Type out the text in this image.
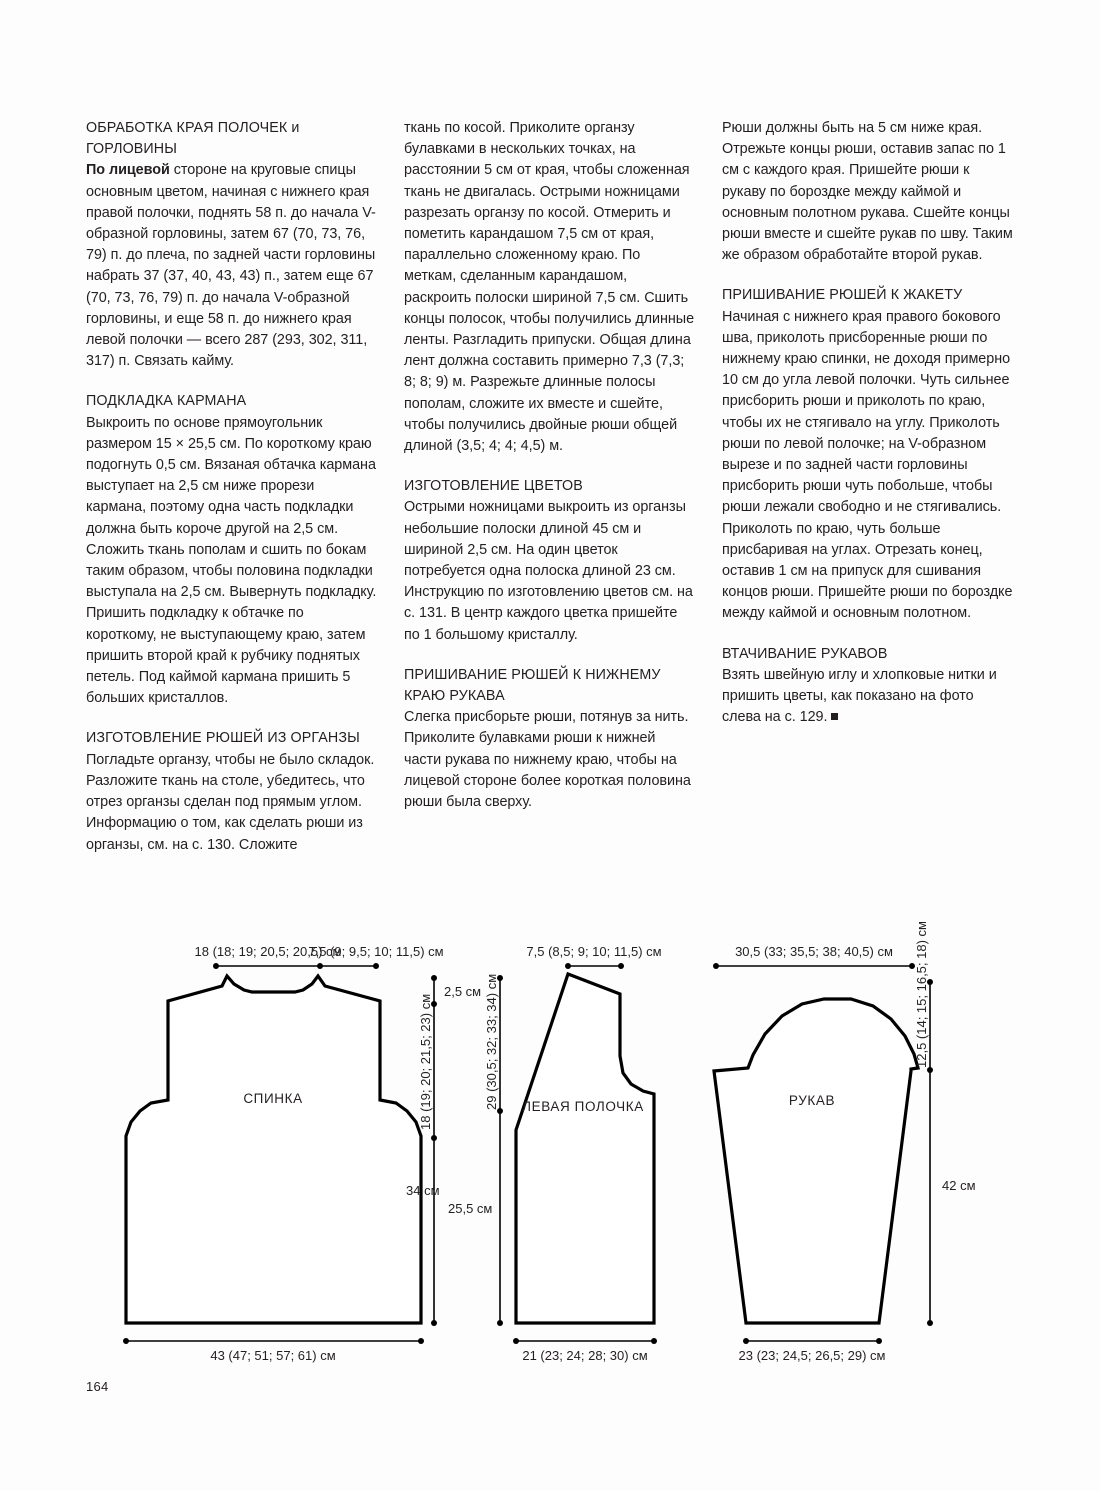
ОБРАБОТКА КРАЯ ПОЛОЧЕК и ГОРЛОВИНЫ

По лицевой стороне на круговые спицы основным цветом, начиная с нижнего края правой полочки, поднять 58 п. до начала V-образной горловины, затем 67 (70, 73, 76, 79) п. до плеча, по задней части горловины набрать 37 (37, 40, 43, 43) п., затем еще 67 (70, 73, 76, 79) п. до начала V-образной горловины, и еще 58 п. до нижнего края левой полочки — всего 287 (293, 302, 311, 317) п. Связать кайму.

ПОДКЛАДКА КАРМАНА

Выкроить по основе прямоугольник размером 15 × 25,5 см. По короткому краю подогнуть 0,5 см. Вязаная обтачка кармана выступает на 2,5 см ниже прорези кармана, поэтому одна часть подкладки должна быть короче другой на 2,5 см. Сложить ткань пополам и сшить по бокам таким образом, чтобы половина подкладки выступала на 2,5 см. Вывернуть подкладку. Пришить подкладку к обтачке по короткому, не выступающему краю, затем пришить второй край к рубчику поднятых петель. Под каймой кармана пришить 5 больших кристаллов.

ИЗГОТОВЛЕНИЕ РЮШЕЙ ИЗ ОРГАНЗЫ

Погладьте органзу, чтобы не было складок. Разложите ткань на столе, убедитесь, что отрез органзы сделан под прямым углом. Информацию о том, как сделать рюши из органзы, см. на с. 130. Сложите

ткань по косой. Приколите органзу булавками в нескольких точках, на расстоянии 5 см от края, чтобы сложенная ткань не двигалась. Острыми ножницами разрезать органзу по косой. Отмерить и пометить карандашом 7,5 см от края, параллельно сложенному краю. По меткам, сделанным карандашом, раскроить полоски шириной 7,5 см. Сшить концы полосок, чтобы получились длинные ленты. Разгладить припуски. Общая длина лент должна составить примерно 7,3 (7,3; 8; 8; 9) м. Разрежьте длинные полосы пополам, сложите их вместе и сшейте, чтобы получились двойные рюши общей длиной (3,5; 4; 4; 4,5) м.

ИЗГОТОВЛЕНИЕ ЦВЕТОВ

Острыми ножницами выкроить из органзы небольшие полоски длиной 45 см и шириной 2,5 см. На один цветок потребуется одна полоска длиной 23 см. Инструкцию по изготовлению цветов см. на с. 131. В центр каждого цветка пришейте по 1 большому кристаллу.

ПРИШИВАНИЕ РЮШЕЙ К НИЖНЕМУ КРАЮ РУКАВА

Слегка присборьте рюши, потянув за нить. Приколите булавками рюши к нижней части рукава по нижнему краю, чтобы на лицевой стороне более короткая половина рюши была сверху.

Рюши должны быть на 5 см ниже края. Отрежьте концы рюши, оставив запас по 1 см с каждого края. Пришейте рюши к рукаву по бороздке между каймой и основным полотном рукава. Сшейте концы рюши вместе и сшейте рукав по шву. Таким же образом обработайте второй рукав.

ПРИШИВАНИЕ РЮШЕЙ К ЖАКЕТУ

Начиная с нижнего края правого бокового шва, приколоть присборенные рюши по нижнему краю спинки, не доходя примерно 10 см до угла левой полочки. Чуть сильнее присборить рюши и приколоть по краю, чтобы их не стягивало на углу. Приколоть рюши по левой полочке; на V-образном вырезе и по задней части горловины присборить рюши чуть побольше, чтобы рюши лежали свободно и не стягивались. Приколоть по краю, чуть больше присбаривая на углах. Отрезать конец, оставив 1 см на припуск для сшивания концов рюши. Пришейте рюши по бороздке между каймой и основным полотном.

ВТАЧИВАНИЕ РУКАВОВ

Взять швейную иглу и хлопковые нитки и пришить цветы, как показано на фото слева на с. 129.

СПИНКА
18 (18; 19; 20,5; 20,5) см
7,5 (9; 9,5; 10; 11,5) см
2,5 см
18 (19; 20; 21,5; 23) см
34 см
43 (47; 51; 57; 61) см
29 (30,5; 32; 33; 34) см
25,5 см
ЛЕВАЯ ПОЛОЧКА
7,5 (8,5; 9; 10; 11,5) см
21 (23; 24; 28; 30) см
РУКАВ
30,5 (33; 35,5; 38; 40,5) см 12,5 (14; 15; 16,5; 18) см
42 см
23 (23; 24,5; 26,5; 29) см
164
